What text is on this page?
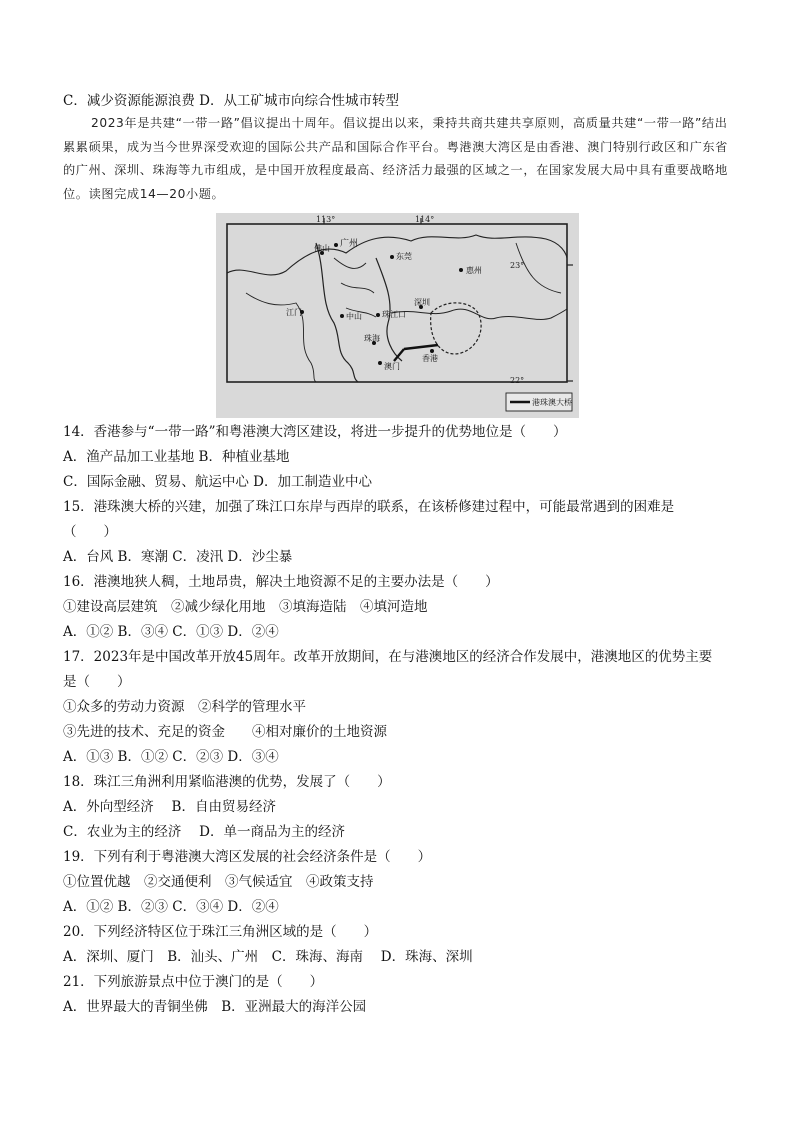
C．减少资源能源浪费 D．从工矿城市向综合性城市转型
2023年是共建“一带一路”倡议提出十周年。倡议提出以来，秉持共商共建共享原则，高质量共建“一带一路”结出累累硕果，成为当今世界深受欢迎的国际公共产品和国际合作平台。粤港澳大湾区是由香港、澳门特别行政区和广东省的广州、深圳、珠海等九市组成，是中国开放程度最高、经济活力最强的区域之一，在国家发展大局中具有重要战略地位。读图完成14—20小题。
113°	114°
23°
22°
广州
东莞
佛山
惠州
深圳
江门	中山	珠江口
珠海
澳门
香港
港珠澳大桥
14．香港参与“一带一路”和粤港澳大湾区建设，将进一步提升的优势地位是（　　）
A．渔产品加工业基地 B．种植业基地
C．国际金融、贸易、航运中心 D．加工制造业中心
15．港珠澳大桥的兴建，加强了珠江口东岸与西岸的联系，在该桥修建过程中，可能最常遇到的困难是
（　　）
A．台风 B．寒潮 C．凌汛 D．沙尘暴
16．港澳地狭人稠，土地昂贵，解决土地资源不足的主要办法是（　　）
①建设高层建筑　②减少绿化用地　③填海造陆　④填河造地
A．①② B．③④ C．①③ D．②④
17．2023年是中国改革开放45周年。改革开放期间，在与港澳地区的经济合作发展中，港澳地区的优势主要
是（　　）
①众多的劳动力资源　②科学的管理水平
③先进的技术、充足的资金　　④相对廉价的土地资源
A．①③ B．①② C．②③ D．③④
18．珠江三角洲利用紧临港澳的优势，发展了（　　）
A．外向型经济　 B．自由贸易经济
C．农业为主的经济　 D．单一商品为主的经济
19．下列有利于粤港澳大湾区发展的社会经济条件是（　　）
①位置优越　②交通便利　③气候适宜　④政策支持
A．①② B．②③ C．③④ D．②④
20．下列经济特区位于珠江三角洲区域的是（　　）
A．深圳、厦门　B．汕头、广州　C．珠海、海南　 D．珠海、深圳
21．下列旅游景点中位于澳门的是（　　）
A．世界最大的青铜坐佛　B．亚洲最大的海洋公园
